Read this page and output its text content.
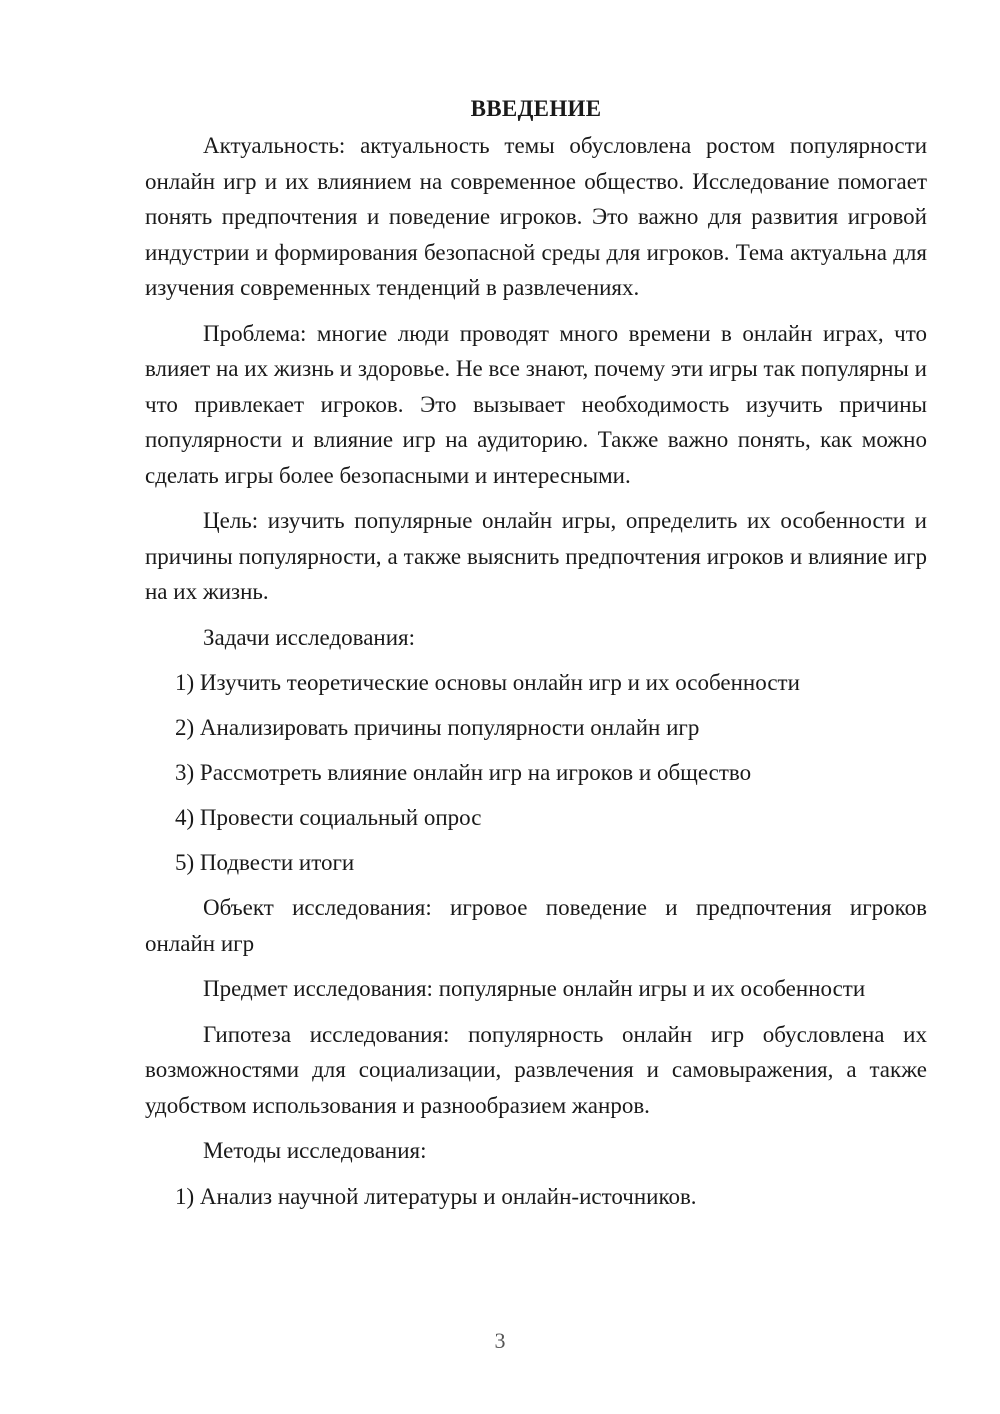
ВВЕДЕНИЕ

Актуальность: актуальность темы обусловлена ростом популярности онлайн игр и их влиянием на современное общество. Исследование помогает понять предпочтения и поведение игроков. Это важно для развития игровой индустрии и формирования безопасной среды для игроков. Тема актуальна для изучения современных тенденций в развлечениях.

Проблема: многие люди проводят много времени в онлайн играх, что влияет на их жизнь и здоровье. Не все знают, почему эти игры так популярны и что привлекает игроков. Это вызывает необходимость изучить причины популярности и влияние игр на аудиторию. Также важно понять, как можно сделать игры более безопасными и интересными.

Цель: изучить популярные онлайн игры, определить их особенности и причины популярности, а также выяснить предпочтения игроков и влияние игр на их жизнь.

Задачи исследования:

1) Изучить теоретические основы онлайн игр и их особенности
2) Анализировать причины популярности онлайн игр
3) Рассмотреть влияние онлайн игр на игроков и общество
4) Провести социальный опрос
5) Подвести итоги

Объект исследования: игровое поведение и предпочтения игроков онлайн игр

Предмет исследования: популярные онлайн игры и их особенности

Гипотеза исследования: популярность онлайн игр обусловлена их возможностями для социализации, развлечения и самовыражения, а также удобством использования и разнообразием жанров.

Методы исследования:

1) Анализ научной литературы и онлайн-источников.
3
